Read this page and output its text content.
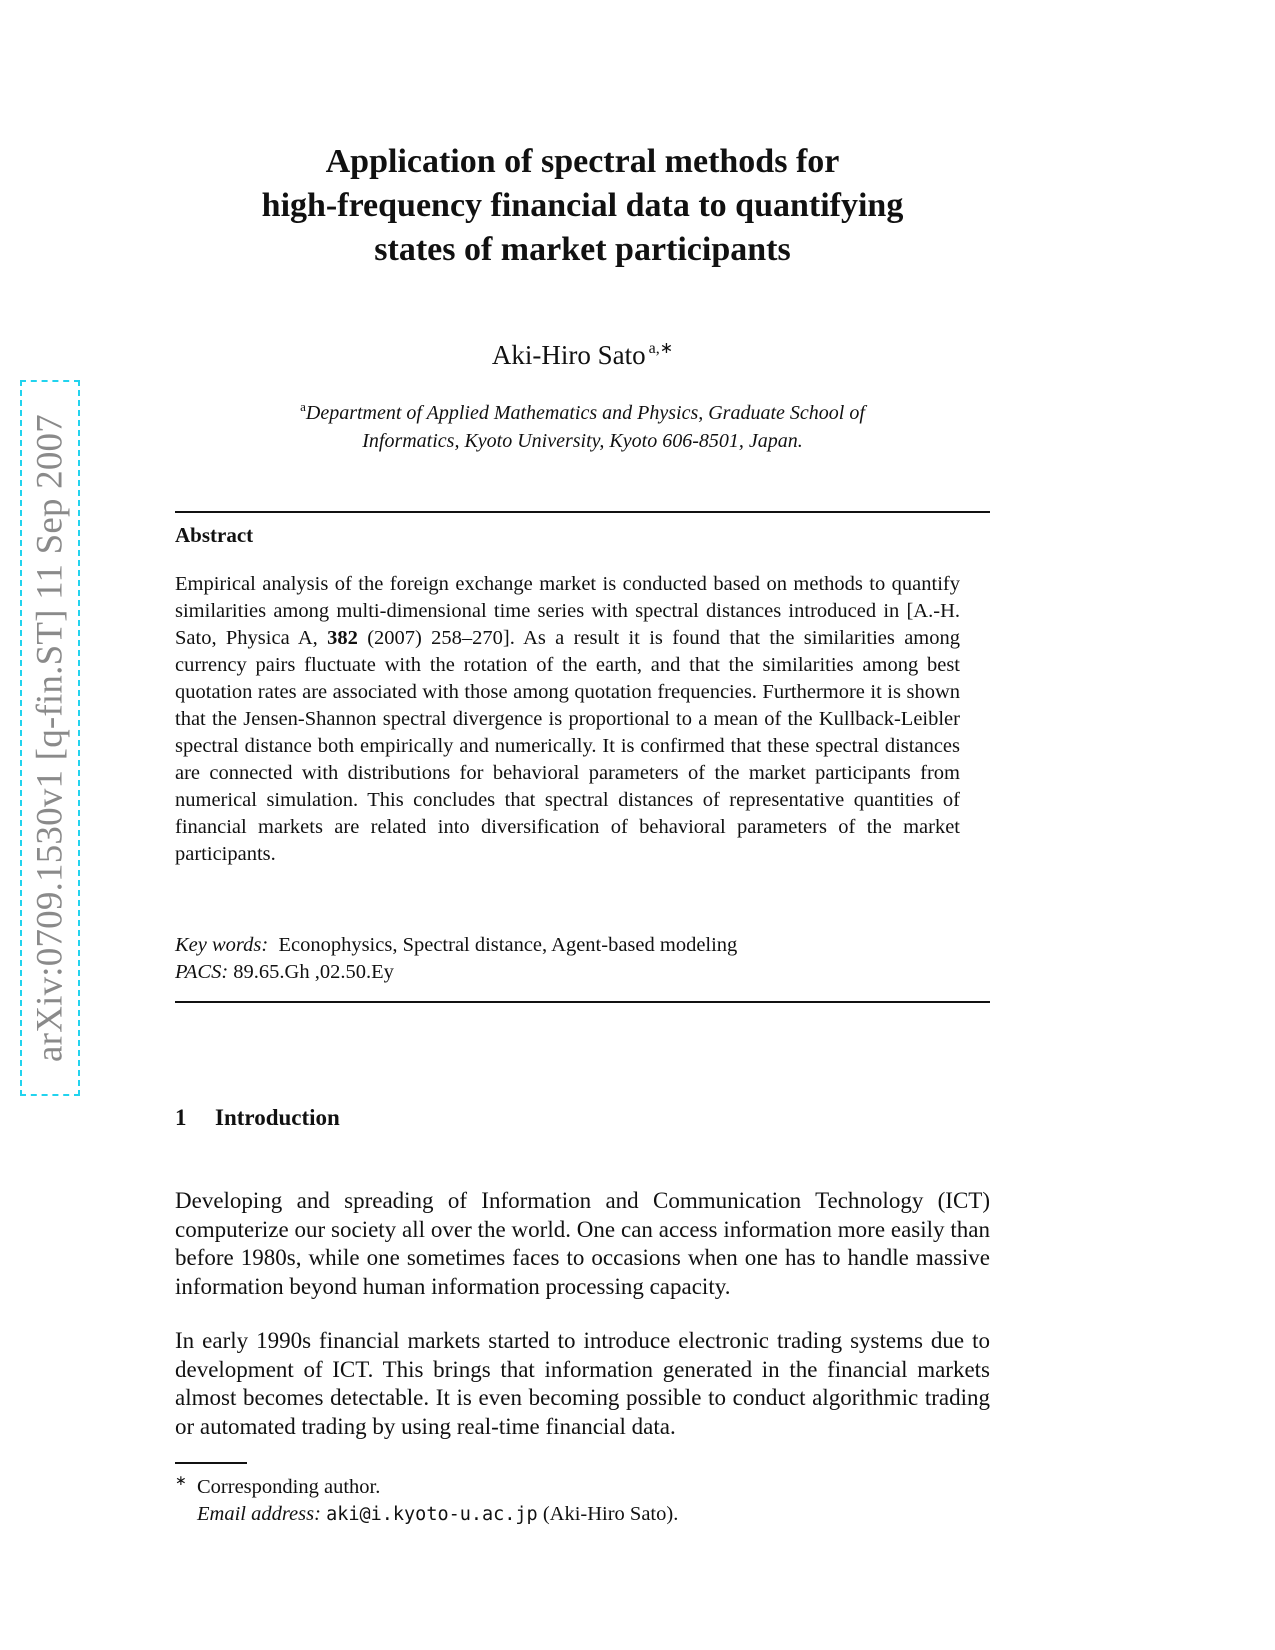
arXiv:0709.1530v1 [q-fin.ST] 11 Sep 2007
Application of spectral methods for
high-frequency financial data to quantifying
states of market participants
Aki-Hiro Sato $^{a,∗}$
$^a$Department of Applied Mathematics and Physics, Graduate School of
Informatics, Kyoto University, Kyoto 606-8501, Japan.
Abstract
Empirical analysis of the foreign exchange market is conducted based on methods to quantify similarities among multi-dimensional time series with spectral distances introduced in [A.-H. Sato, Physica A, 382 (2007) 258–270]. As a result it is found that the similarities among currency pairs fluctuate with the rotation of the earth, and that the similarities among best quotation rates are associated with those among quotation frequencies. Furthermore it is shown that the Jensen-Shannon spectral divergence is proportional to a mean of the Kullback-Leibler spectral distance both empirically and numerically. It is confirmed that these spectral distances are connected with distributions for behavioral parameters of the market participants from numerical simulation. This concludes that spectral distances of representative quantities of financial markets are related into diversification of behavioral parameters of the market participants.
Key words: Econophysics, Spectral distance, Agent-based modeling
PACS: 89.65.Gh ,02.50.Ey
1 Introduction
Developing and spreading of Information and Communication Technology (ICT) computerize our society all over the world. One can access information more easily than before 1980s, while one sometimes faces to occasions when one has to handle massive information beyond human information processing capacity.
In early 1990s financial markets started to introduce electronic trading systems due to development of ICT. This brings that information generated in the financial markets almost becomes detectable. It is even becoming possible to conduct algorithmic trading or automated trading by using real-time financial data.
∗ Corresponding author.
Email address: aki@i.kyoto-u.ac.jp (Aki-Hiro Sato).
